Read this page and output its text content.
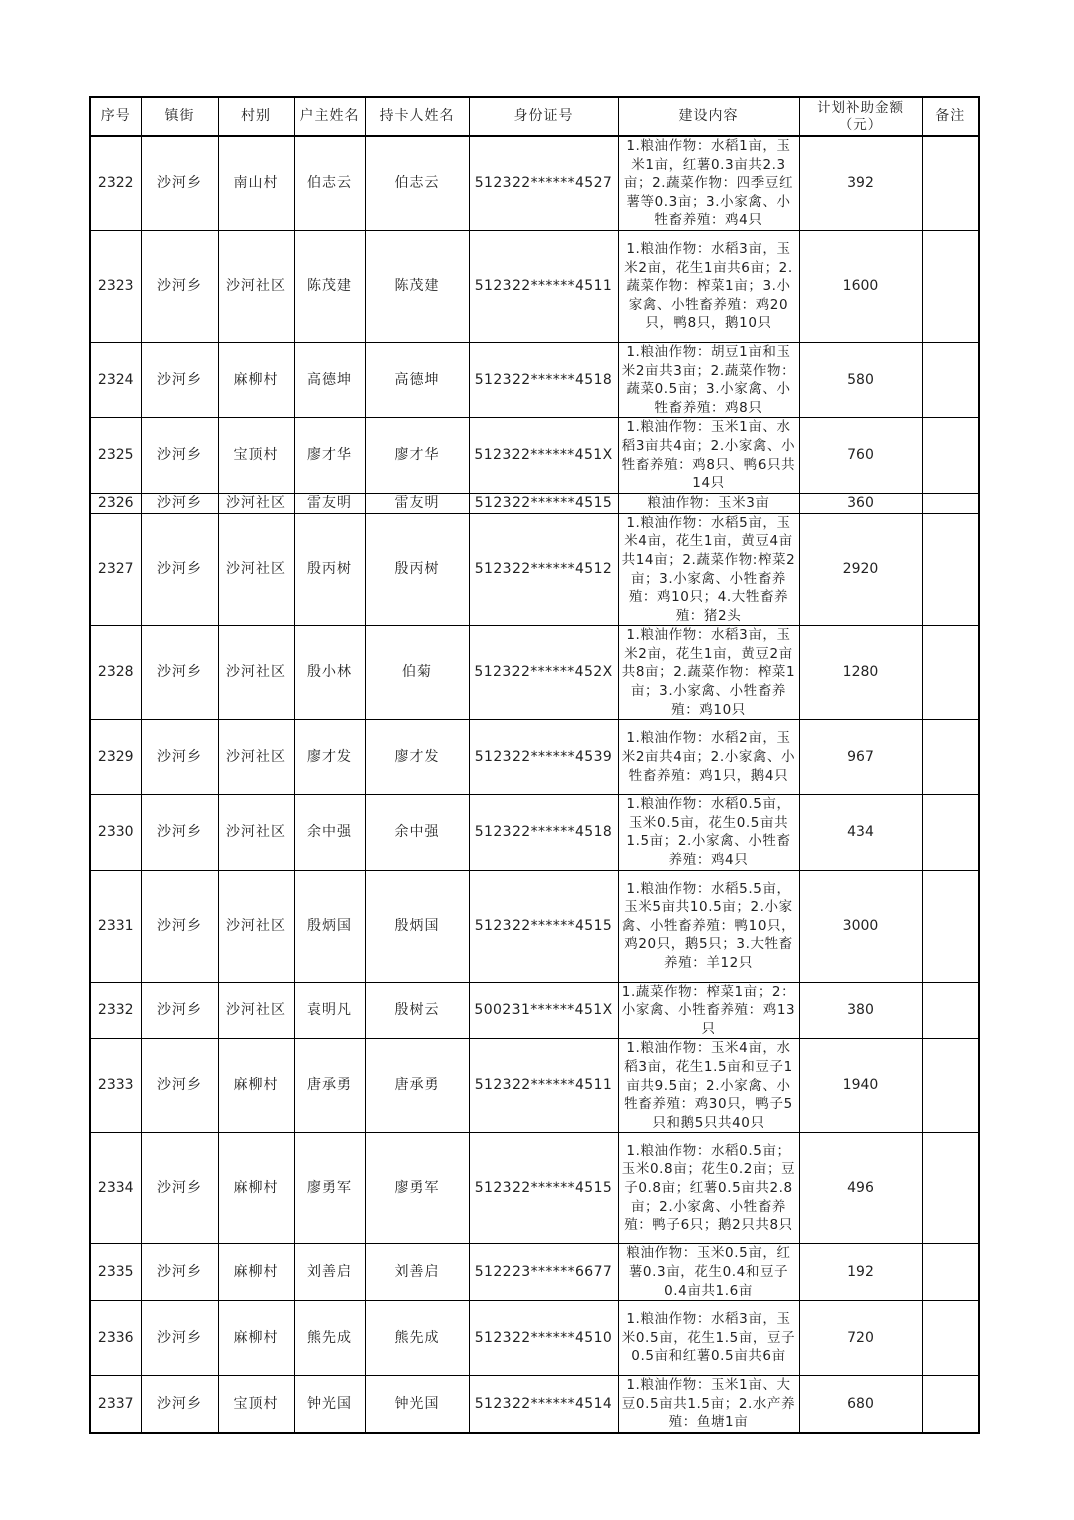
序号	镇街	村别	户主姓名	持卡人姓名	身份证号	建设内容	计划补助金额（元）	备注
2322	沙河乡	南山村	伯志云	伯志云	512322******4527	1.粮油作物：水稻1亩，玉米1亩，红薯0.3亩共2.3亩；2.蔬菜作物：四季豆红薯等0.3亩；3.小家禽、小牲畜养殖：鸡4只	392	
2323	沙河乡	沙河社区	陈茂建	陈茂建	512322******4511	1.粮油作物：水稻3亩，玉米2亩，花生1亩共6亩；2.蔬菜作物：榨菜1亩；3.小家禽、小牲畜养殖：鸡20只，鸭8只，鹅10只	1600	
2324	沙河乡	麻柳村	高德坤	高德坤	512322******4518	1.粮油作物：胡豆1亩和玉米2亩共3亩；2.蔬菜作物：蔬菜0.5亩；3.小家禽、小牲畜养殖：鸡8只	580	
2325	沙河乡	宝顶村	廖才华	廖才华	512322******451X	1.粮油作物：玉米1亩、水稻3亩共4亩；2.小家禽、小牲畜养殖：鸡8只、鸭6只共14只	760	
2326	沙河乡	沙河社区	雷友明	雷友明	512322******4515	粮油作物：玉米3亩	360	
2327	沙河乡	沙河社区	殷丙树	殷丙树	512322******4512	1.粮油作物：水稻5亩，玉米4亩，花生1亩，黄豆4亩共14亩；2.蔬菜作物:榨菜2亩；3.小家禽、小牲畜养殖：鸡10只；4.大牲畜养殖：猪2头	2920	
2328	沙河乡	沙河社区	殷小林	伯菊	512322******452X	1.粮油作物：水稻3亩，玉米2亩，花生1亩，黄豆2亩共8亩；2.蔬菜作物：榨菜1亩；3.小家禽、小牲畜养殖：鸡10只	1280	
2329	沙河乡	沙河社区	廖才发	廖才发	512322******4539	1.粮油作物：水稻2亩，玉米2亩共4亩；2.小家禽、小牲畜养殖：鸡1只，鹅4只	967	
2330	沙河乡	沙河社区	余中强	余中强	512322******4518	1.粮油作物：水稻0.5亩，玉米0.5亩，花生0.5亩共1.5亩；2.小家禽、小牲畜养殖：鸡4只	434	
2331	沙河乡	沙河社区	殷炳国	殷炳国	512322******4515	1.粮油作物：水稻5.5亩，玉米5亩共10.5亩；2.小家禽、小牲畜养殖：鸭10只，鸡20只，鹅5只；3.大牲畜养殖：羊12只	3000	
2332	沙河乡	沙河社区	袁明凡	殷树云	500231******451X	1.蔬菜作物：榨菜1亩；2：小家禽、小牲畜养殖：鸡13只	380	
2333	沙河乡	麻柳村	唐承勇	唐承勇	512322******4511	1.粮油作物：玉米4亩，水稻3亩，花生1.5亩和豆子1亩共9.5亩；2.小家禽、小牲畜养殖：鸡30只，鸭子5只和鹅5只共40只	1940	
2334	沙河乡	麻柳村	廖勇军	廖勇军	512322******4515	1.粮油作物：水稻0.5亩；玉米0.8亩；花生0.2亩；豆子0.8亩；红薯0.5亩共2.8亩；2.小家禽、小牲畜养殖：鸭子6只；鹅2只共8只	496	
2335	沙河乡	麻柳村	刘善启	刘善启	512223******6677	粮油作物：玉米0.5亩，红薯0.3亩，花生0.4和豆子0.4亩共1.6亩	192	
2336	沙河乡	麻柳村	熊先成	熊先成	512322******4510	1.粮油作物：水稻3亩，玉米0.5亩，花生1.5亩，豆子0.5亩和红薯0.5亩共6亩	720	
2337	沙河乡	宝顶村	钟光国	钟光国	512322******4514	1.粮油作物：玉米1亩、大豆0.5亩共1.5亩；2.水产养殖：鱼塘1亩	680	
